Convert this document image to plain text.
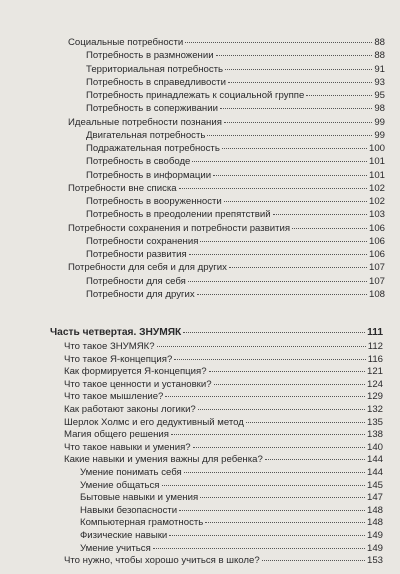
Социальные потребности	88
Потребность в размножении	88
Территориальная потребность	91
Потребность в справедливости	93
Потребность принадлежать к социальной группе	95
Потребность в соперживании	98
Идеальные потребности познания	99
Двигательная потребность	99
Подражательная потребность	100
Потребность в свободе	101
Потребность в информации	101
Потребности вне списка	102
Потребность в вооруженности	102
Потребность в преодолении препятствий	103
Потребности сохранения и потребности развития	106
Потребности сохранения	106
Потребности развития	106
Потребности для себя и для других	107
Потребности для себя	107
Потребности для других	108
Часть четвертая. ЗНУМЯК	111
Что такое ЗНУМЯК?	112
Что такое Я-концепция?	116
Как формируется Я-концепция?	121
Что такое ценности и установки?	124
Что такое мышление?	129
Как работают законы логики?	132
Шерлок Холмс и его дедуктивный метод	135
Магия общего решения	138
Что такое навыки и умения?	140
Какие навыки и умения важны для ребенка?	144
Умение понимать себя	144
Умение общаться	145
Бытовые навыки и умения	147
Навыки безопасности	148
Компьютерная грамотность	148
Физические навыки	149
Умение учиться	149
Что нужно, чтобы хорошо учиться в школе?	153
